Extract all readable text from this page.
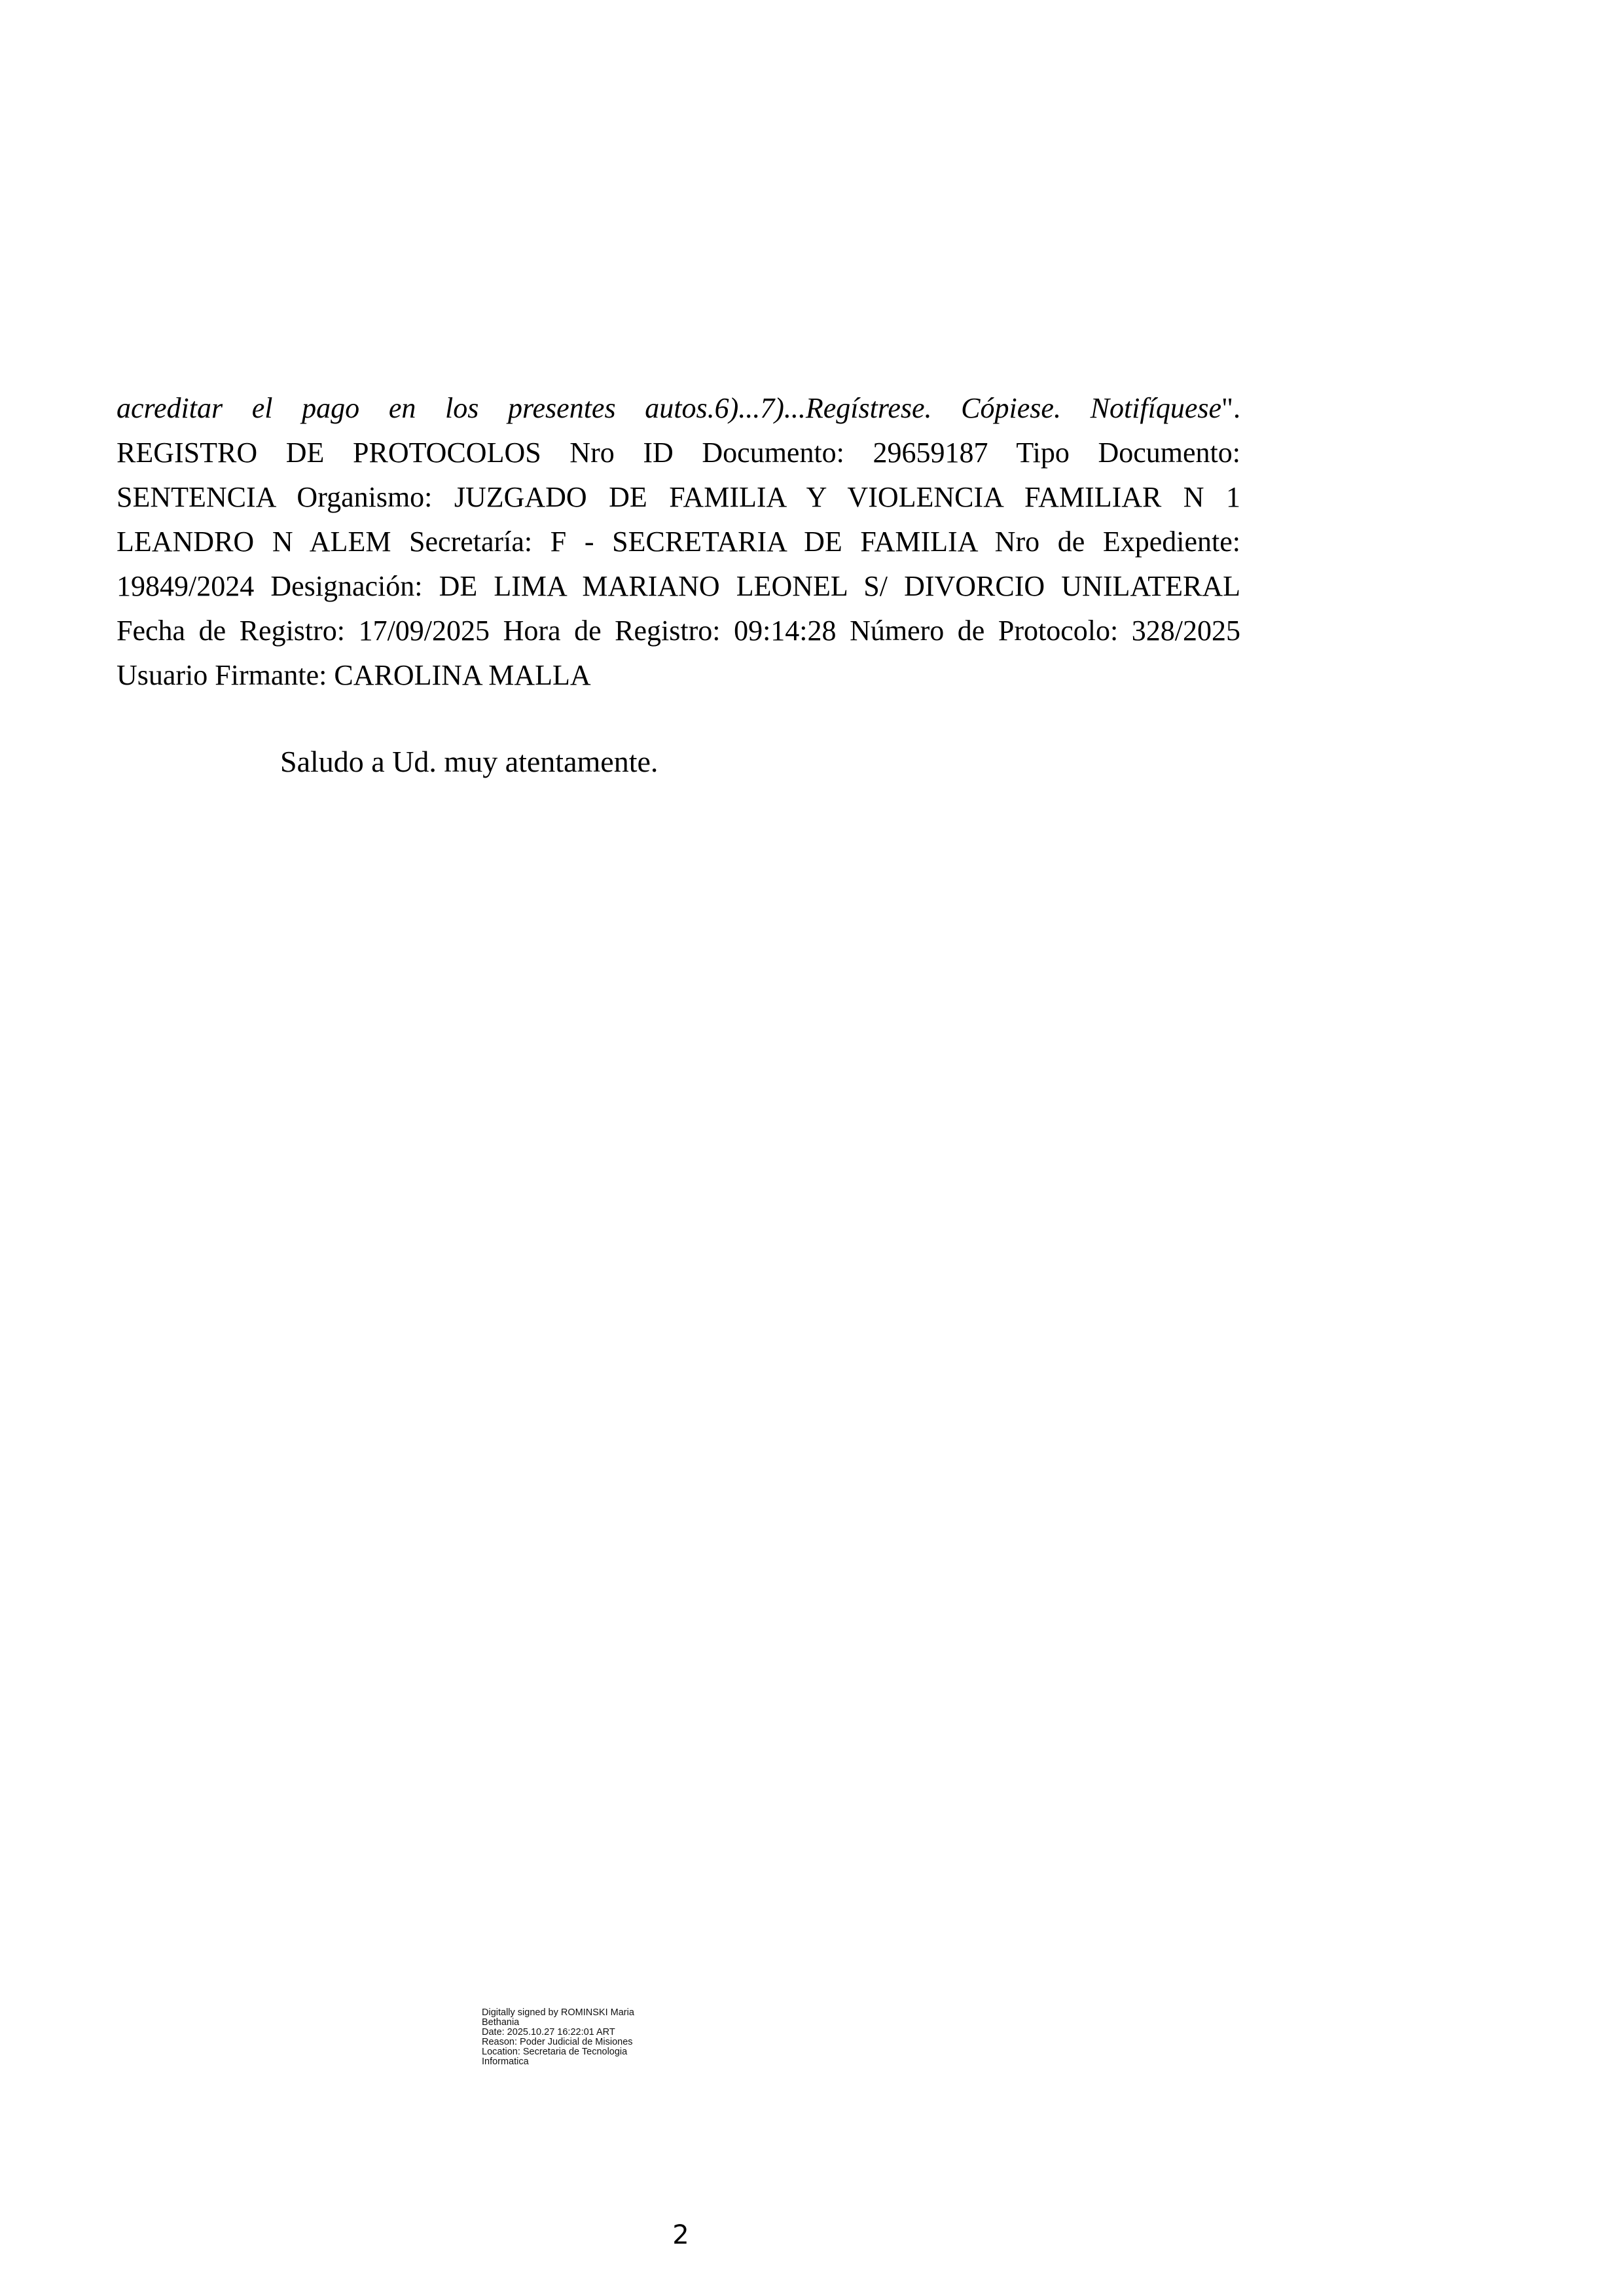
acreditar el pago en los presentes autos.6)...7)...Regístrese. Cópiese. Notifíquese".
REGISTRO DE PROTOCOLOS Nro ID Documento: 29659187 Tipo Documento:
SENTENCIA Organismo: JUZGADO DE FAMILIA Y VIOLENCIA FAMILIAR N 1
LEANDRO N ALEM Secretaría: F - SECRETARIA DE FAMILIA Nro de Expediente:
19849/2024 Designación: DE LIMA MARIANO LEONEL S/ DIVORCIO UNILATERAL
Fecha de Registro: 17/09/2025 Hora de Registro: 09:14:28 Número de Protocolo: 328/2025
Usuario Firmante: CAROLINA MALLA
Saludo a Ud. muy atentamente.
Digitally signed by ROMINSKI Maria
Bethania
Date: 2025.10.27 16:22:01 ART
Reason: Poder Judicial de Misiones
Location: Secretaria de Tecnologia
Informatica
2
